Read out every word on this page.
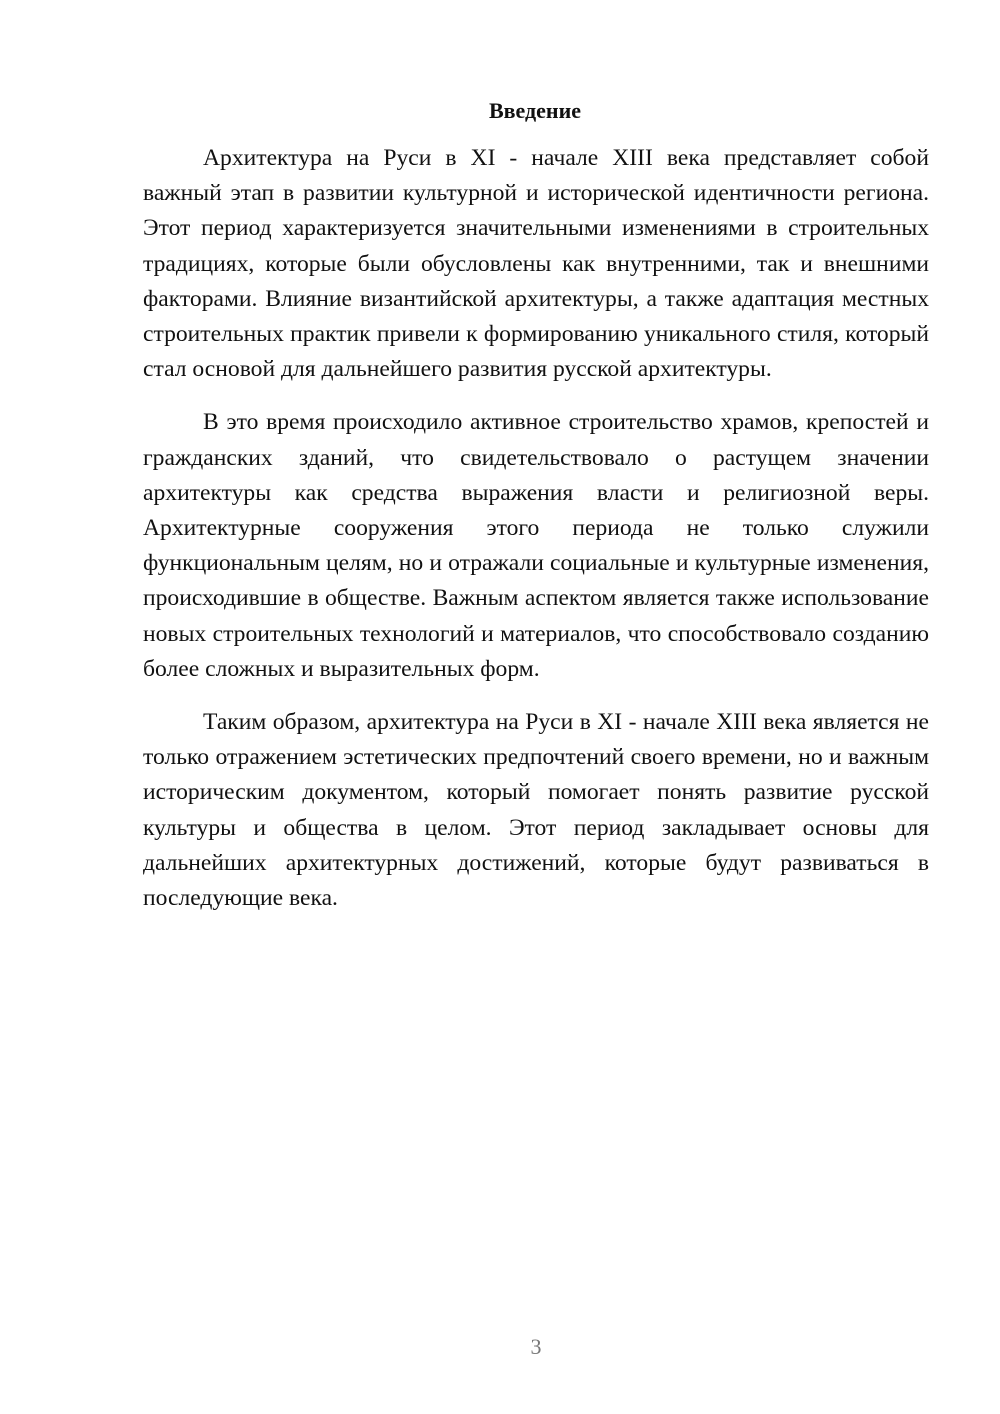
Введение

Архитектура на Руси в XI - начале XIII века представляет собой важный этап в развитии культурной и исторической идентичности региона. Этот период характеризуется значительными изменениями в строительных традициях, которые были обусловлены как внутренними, так и внешними факторами. Влияние византийской архитектуры, а также адаптация местных строительных практик привели к формированию уникального стиля, который стал основой для дальнейшего развития русской архитектуры.

В это время происходило активное строительство храмов, крепостей и гражданских зданий, что свидетельствовало о растущем значении архитектуры как средства выражения власти и религиозной веры. Архитектурные сооружения этого периода не только служили функциональным целям, но и отражали социальные и культурные изменения, происходившие в обществе. Важным аспектом является также использование новых строительных технологий и материалов, что способствовало созданию более сложных и выразительных форм.

Таким образом, архитектура на Руси в XI - начале XIII века является не только отражением эстетических предпочтений своего времени, но и важным историческим документом, который помогает понять развитие русской культуры и общества в целом. Этот период закладывает основы для дальнейших архитектурных достижений, которые будут развиваться в последующие века.

3
